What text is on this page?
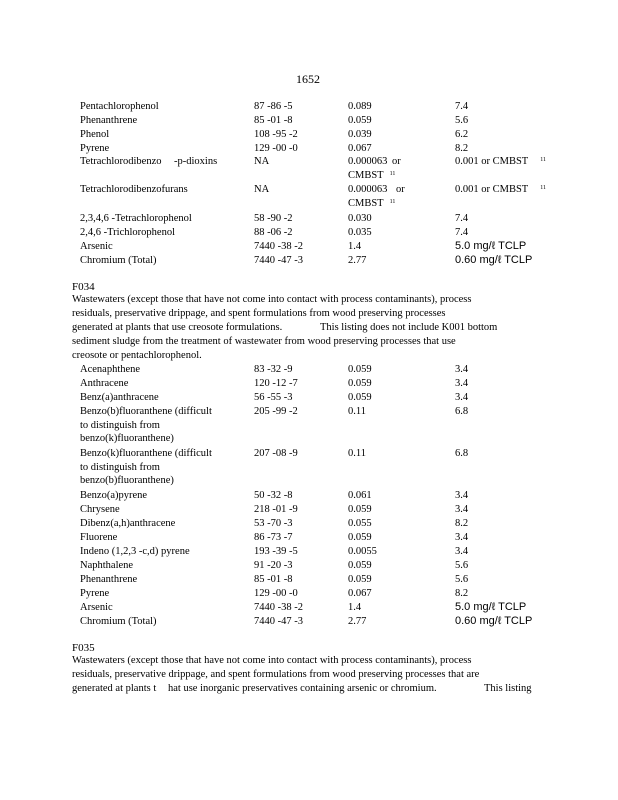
1652
Pentachlorophenol	87 -86 -5	0.089	7.4
Phenanthrene	85 -01 -8	0.059	5.6
Phenol	108 -95 -2	0.039	6.2
Pyrene	129 -00 -0	0.067	8.2
Tetrachlorodibenzo -p-dioxins	NA	0.000063 or	0.001 or CMBST $^{11}$
CMBST $^{11}$
Tetrachlorodibenzofurans	NA	0.000063 or	0.001 or CMBST $^{11}$
CMBST $^{11}$
2,3,4,6 -Tetrachlorophenol	58 -90 -2	0.030	7.4
2,4,6 -Trichlorophenol	88 -06 -2	0.035	7.4
Arsenic	7440 -38 -2	1.4	5.0 mg/ℓ TCLP
Chromium (Total)	7440 -47 -3	2.77	0.60 mg/ℓ TCLP
F034
Wastewaters (except those that have not come into contact with process contaminants), process
residuals, preservative drippage, and spent formulations from wood preserving processes
generated at plants that use creosote formulations.	This listing does not include K001 bottom
sediment sludge from the treatment of wastewater from wood preserving processes that use
creosote or pentachlorophenol.
Acenaphthene	83 -32 -9	0.059	3.4
Anthracene	120 -12 -7	0.059	3.4
Benz(a)anthracene	56 -55 -3	0.059	3.4
Benzo(b)fluoranthene (difficult	205 -99 -2	0.11	6.8
to distinguish from
benzo(k)fluoranthene)
Benzo(k)fluoranthene (difficult	207 -08 -9	0.11	6.8
to distinguish from
benzo(b)fluoranthene)
Benzo(a)pyrene	50 -32 -8	0.061	3.4
Chrysene	218 -01 -9	0.059	3.4
Dibenz(a,h)anthracene	53 -70 -3	0.055	8.2
Fluorene	86 -73 -7	0.059	3.4
Indeno (1,2,3 -c,d) pyrene	193 -39 -5	0.0055	3.4
Naphthalene	91 -20 -3	0.059	5.6
Phenanthrene	85 -01 -8	0.059	5.6
Pyrene	129 -00 -0	0.067	8.2
Arsenic	7440 -38 -2	1.4	5.0 mg/ℓ TCLP
Chromium (Total)	7440 -47 -3	2.77	0.60 mg/ℓ TCLP
F035
Wastewaters (except those that have not come into contact with process contaminants), process
residuals, preservative drippage, and spent formulations from wood preserving processes that are
generated at plants t hat use inorganic preservatives containing arsenic or chromium.	This listing
